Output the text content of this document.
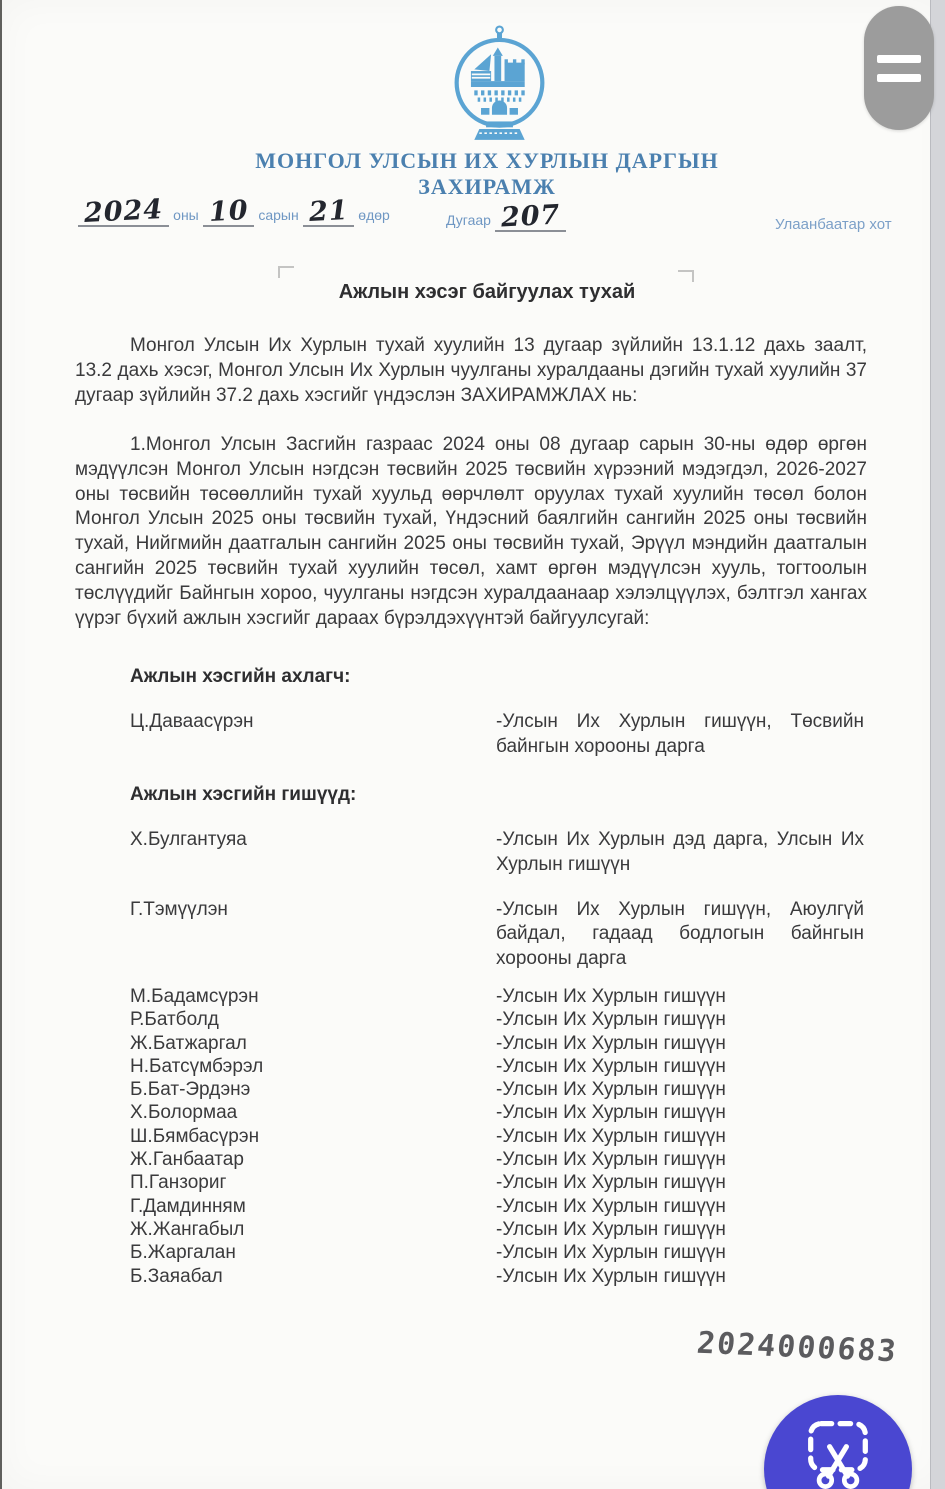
МОНГОЛ УЛСЫН ИХ ХУРЛЫН ДАРГЫН
ЗАХИРАМЖ
2024 оны 10 сарын 21 өдөр	Дугаар 207	Улаанбаатар хот
Ажлын хэсэг байгуулах тухай

Монгол Улсын Их Хурлын тухай хуулийн 13 дугаар зүйлийн 13.1.12 дахь заалт, 13.2 дахь хэсэг, Монгол Улсын Их Хурлын чуулганы хуралдааны дэгийн тухай хуулийн 37 дугаар зүйлийн 37.2 дахь хэсгийг үндэслэн ЗАХИРАМЖЛАХ нь:

1.Монгол Улсын Засгийн газраас 2024 оны 08 дугаар сарын 30-ны өдөр өргөн мэдүүлсэн Монгол Улсын нэгдсэн төсвийн 2025 төсвийн хүрээний мэдэгдэл, 2026-2027 оны төсвийн төсөөллийн тухай хуульд өөрчлөлт оруулах тухай хуулийн төсөл болон Монгол Улсын 2025 оны төсвийн тухай, Үндэсний баялгийн сангийн 2025 оны төсвийн тухай, Нийгмийн даатгалын сангийн 2025 оны төсвийн тухай, Эрүүл мэндийн даатгалын сангийн 2025 төсвийн тухай хуулийн төсөл, хамт өргөн мэдүүлсэн хууль, тогтоолын төслүүдийг Байнгын хороо, чуулганы нэгдсэн хуралдаанаар хэлэлцүүлэх, бэлтгэл хангах үүрэг бүхий ажлын хэсгийг дараах бүрэлдэхүүнтэй байгуулсугай:

Ажлын хэсгийн ахлагч:
Ц.Даваасүрэн	-Улсын Их Хурлын гишүүн, Төсвийн байнгын хорооны дарга
Ажлын хэсгийн гишүүд:
Х.Булгантуяа	-Улсын Их Хурлын дэд дарга, Улсын Их Хурлын гишүүн
Г.Тэмүүлэн	-Улсын Их Хурлын гишүүн, Аюулгүй байдал, гадаад бодлогын байнгын хорооны дарга
М.Бадамсүрэн	-Улсын Их Хурлын гишүүн
Р.Батболд	-Улсын Их Хурлын гишүүн
Ж.Батжаргал	-Улсын Их Хурлын гишүүн
Н.Батсүмбэрэл	-Улсын Их Хурлын гишүүн
Б.Бат-Эрдэнэ	-Улсын Их Хурлын гишүүн
Х.Болормаа	-Улсын Их Хурлын гишүүн
Ш.Бямбасүрэн	-Улсын Их Хурлын гишүүн
Ж.Ганбаатар	-Улсын Их Хурлын гишүүн
П.Ганзориг	-Улсын Их Хурлын гишүүн
Г.Дамдинням	-Улсын Их Хурлын гишүүн
Ж.Жангабыл	-Улсын Их Хурлын гишүүн
Б.Жаргалан	-Улсын Их Хурлын гишүүн
Б.Заяабал	-Улсын Их Хурлын гишүүн
2024000683
